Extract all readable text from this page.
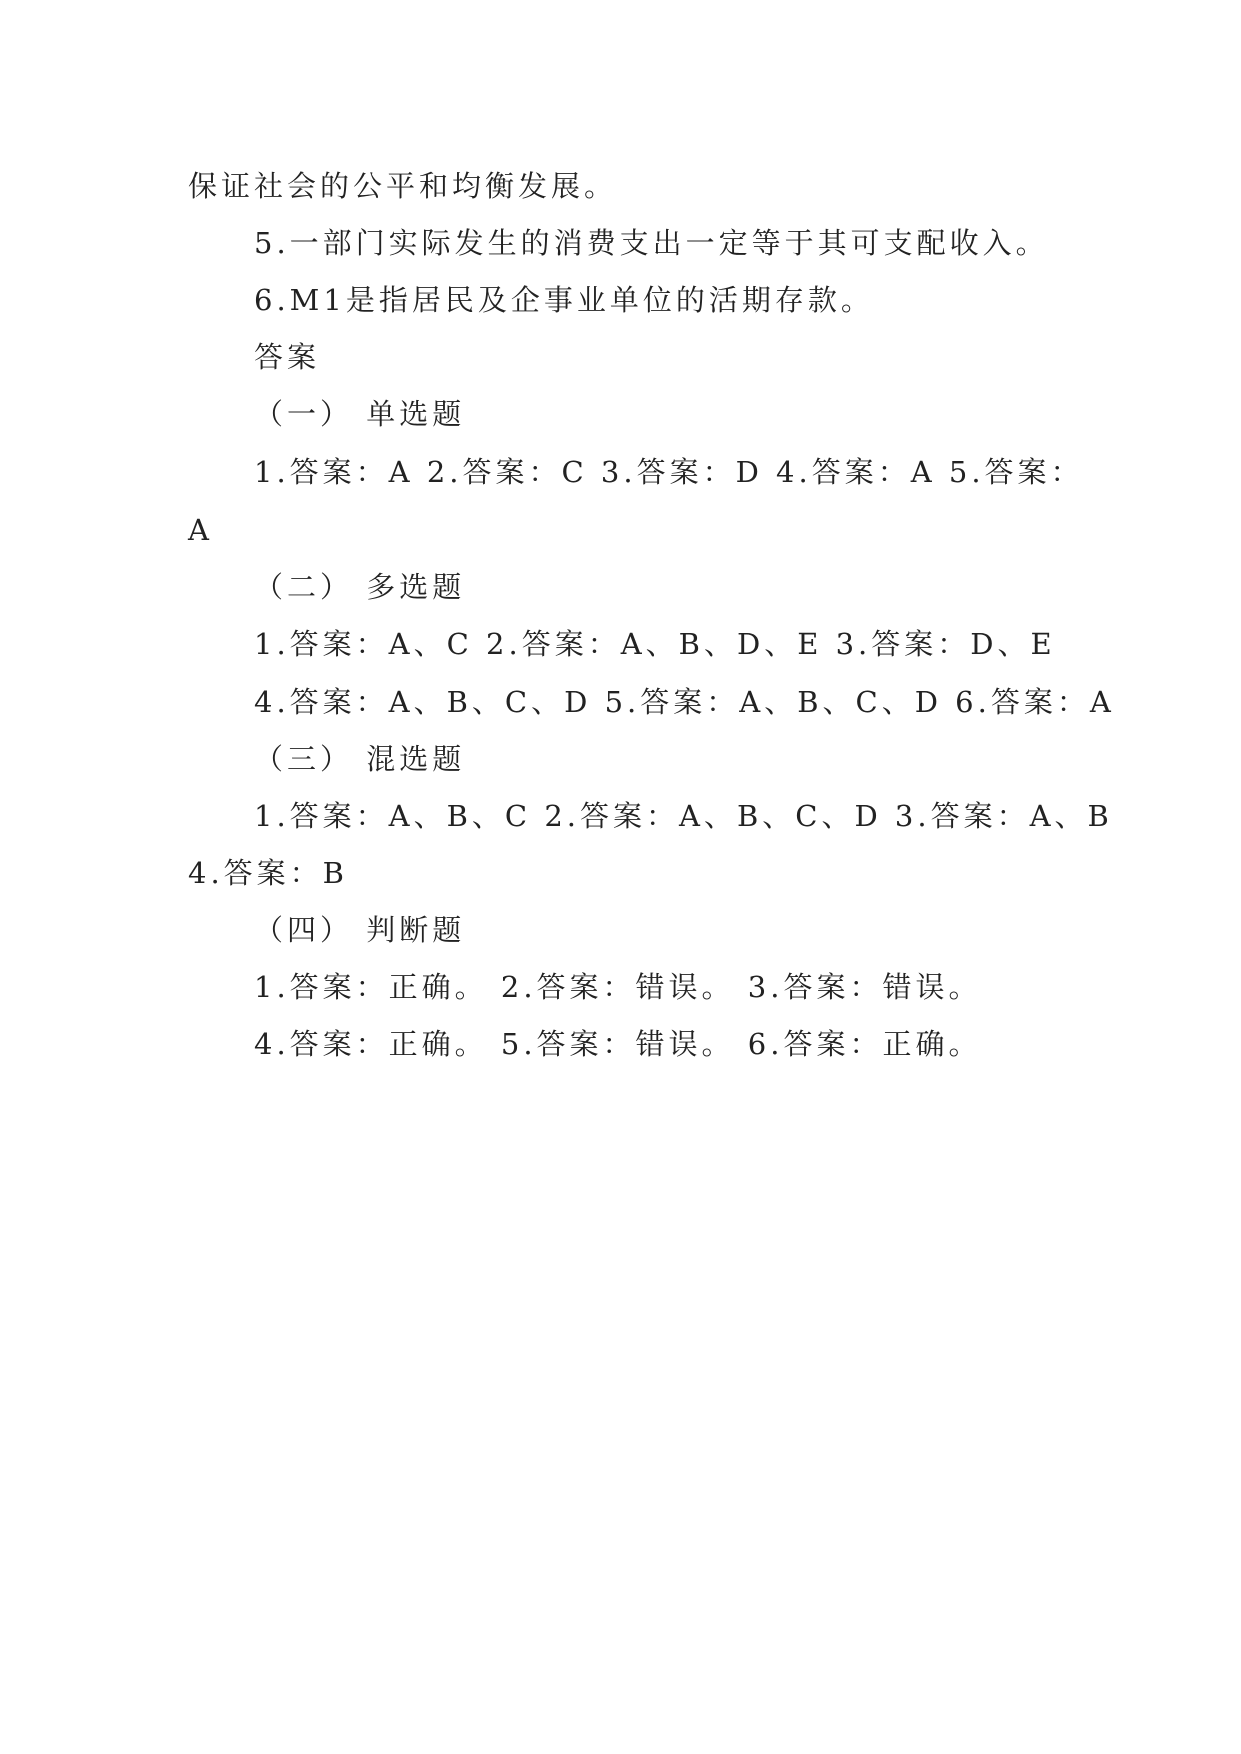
保证社会的公平和均衡发展。
5.一部门实际发生的消费支出一定等于其可支配收入。
6.M1是指居民及企事业单位的活期存款。
答案
（一） 单选题
1.答案：A 2.答案：C 3.答案：D 4.答案：A 5.答案：
A
（二） 多选题
1.答案：A、C 2.答案：A、B、D、E 3.答案：D、E
4.答案：A、B、C、D 5.答案：A、B、C、D 6.答案：A
（三） 混选题
1.答案：A、B、C 2.答案：A、B、C、D 3.答案：A、B
4.答案：B
（四） 判断题
1.答案：正确。 2.答案：错误。 3.答案：错误。
4.答案：正确。 5.答案：错误。 6.答案：正确。
